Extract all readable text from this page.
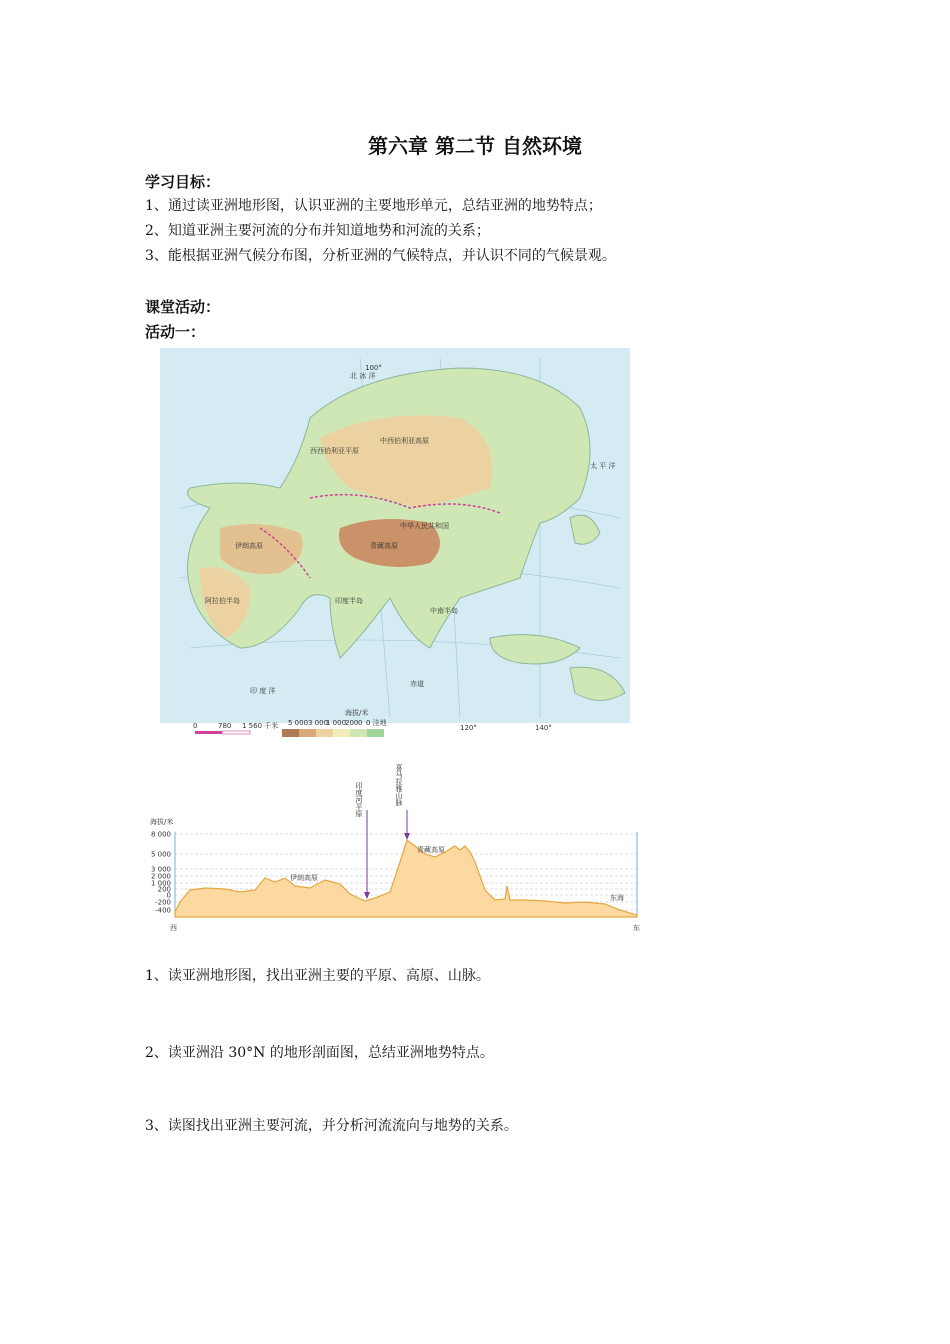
第六章 第二节 自然环境
学习目标：
1、通过读亚洲地形图，认识亚洲的主要地形单元，总结亚洲的地势特点；
2、知道亚洲主要河流的分布并知道地势和河流的关系；
3、能根据亚洲气候分布图，分析亚洲的气候特点，并认识不同的气候景观。
课堂活动：
活动一：
北 冰 洋
太 平 洋
印 度 洋
中西伯利亚高原
西西伯利亚平原
青藏高原
伊朗高原
阿拉伯半岛	印度半岛
中南半岛
中华人民共和国
赤道
100°
140°
120°
0	780 1 560 千米
海拔/米
5 000 3 000
1 000
200 0 0 洼地
海拔/米
8 000
5 000
3 000
2 000
1 000
200
0
-200
-400
伊朗高原
青藏高原
东海
印度河平原	喜马拉雅山脉
西	东
1、读亚洲地形图，找出亚洲主要的平原、高原、山脉。
2、读亚洲沿 30°N 的地形剖面图，总结亚洲地势特点。
3、读图找出亚洲主要河流，并分析河流流向与地势的关系。
